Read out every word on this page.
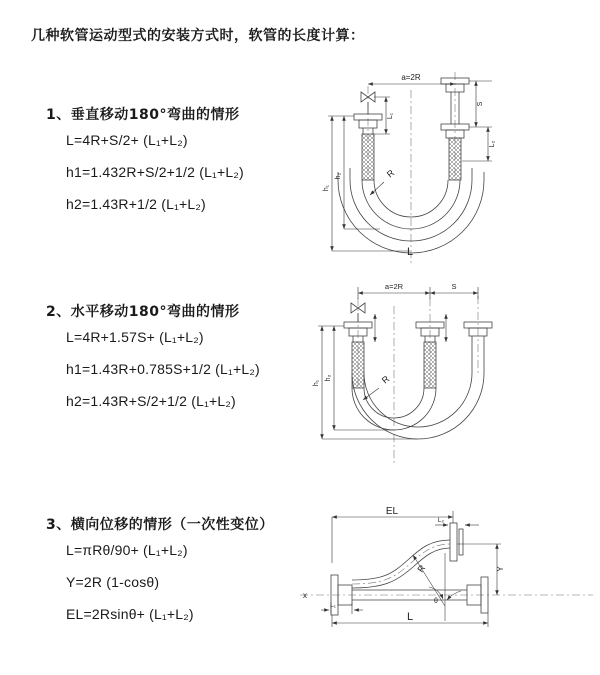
几种软管运动型式的安装方式时，软管的长度计算：
1、垂直移动180°弯曲的情形
L=4R+S/2+ (L₁+L₂)
h1=1.432R+S/2+1/2 (L₁+L₂)
h2=1.43R+1/2 (L₁+L₂)
2、水平移动180°弯曲的情形
L=4R+1.57S+ (L₁+L₂)
h1=1.43R+0.785S+1/2 (L₁+L₂)
h2=1.43R+S/2+1/2 (L₁+L₂)
3、横向位移的情形（一次性变位）
L=πRθ/90+ (L₁+L₂)
Y=2R (1-cosθ)
EL=2Rsinθ+ (L₁+L₂)
a=2R
h₁
h₂
L₁
S
L₂
R
L
a=2R	S
h₁
h₂	R
EL
L₂
Y
R
θ
L₁
L
x
